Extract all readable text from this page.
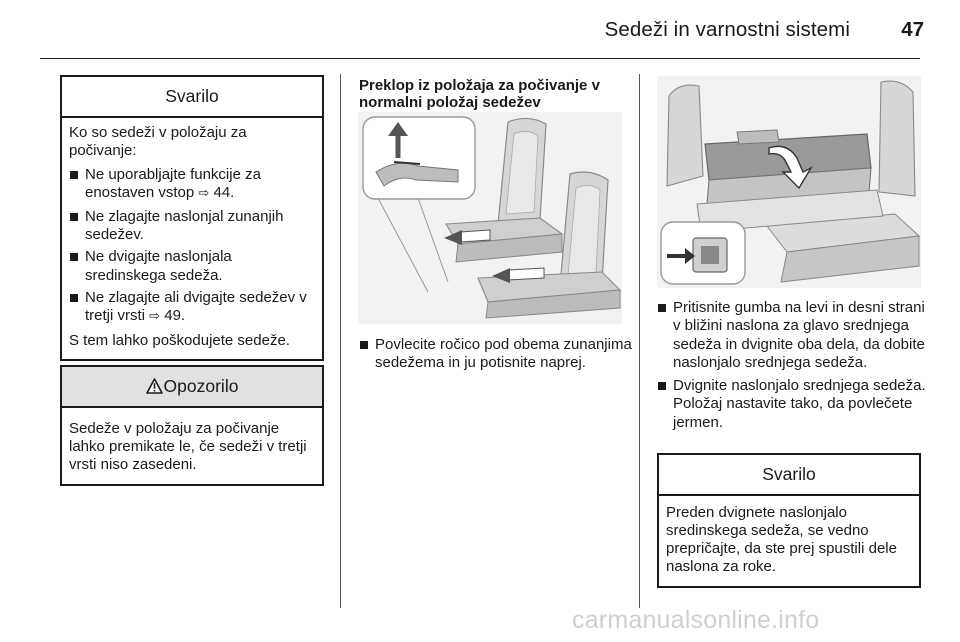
Sedeži in varnostni sistemi	47
Svarilo

Ko so sedeži v položaju za počivanje:

Ne uporabljajte funkcije za enostaven vstop ⇨ 44.
Ne zlagajte naslonjal zunanjih sedežev.
Ne dvigajte naslonjala sredinskega sedeža.
Ne zlagajte ali dvigajte sedežev v tretji vrsti ⇨ 49.

S tem lahko poškodujete sedeže.

Opozorilo

Sedeže v položaju za počivanje lahko premikate le, če sedeži v tretji vrsti niso zasedeni.

Preklop iz položaja za počivanje v normalni položaj sedežev
Povlecite ročico pod obema zunanjima sedežema in ju potisnite naprej.
Pritisnite gumba na levi in desni strani v bližini naslona za glavo srednjega sedeža in dvignite oba dela, da dobite naslonjalo srednjega sedeža.
Dvignite naslonjalo srednjega sedeža. Položaj nastavite tako, da povlečete jermen.
Svarilo

Preden dvignete naslonjalo sredinskega sedeža, se vedno prepričajte, da ste prej spustili dele naslona za roke.

carmanualsonline.info
